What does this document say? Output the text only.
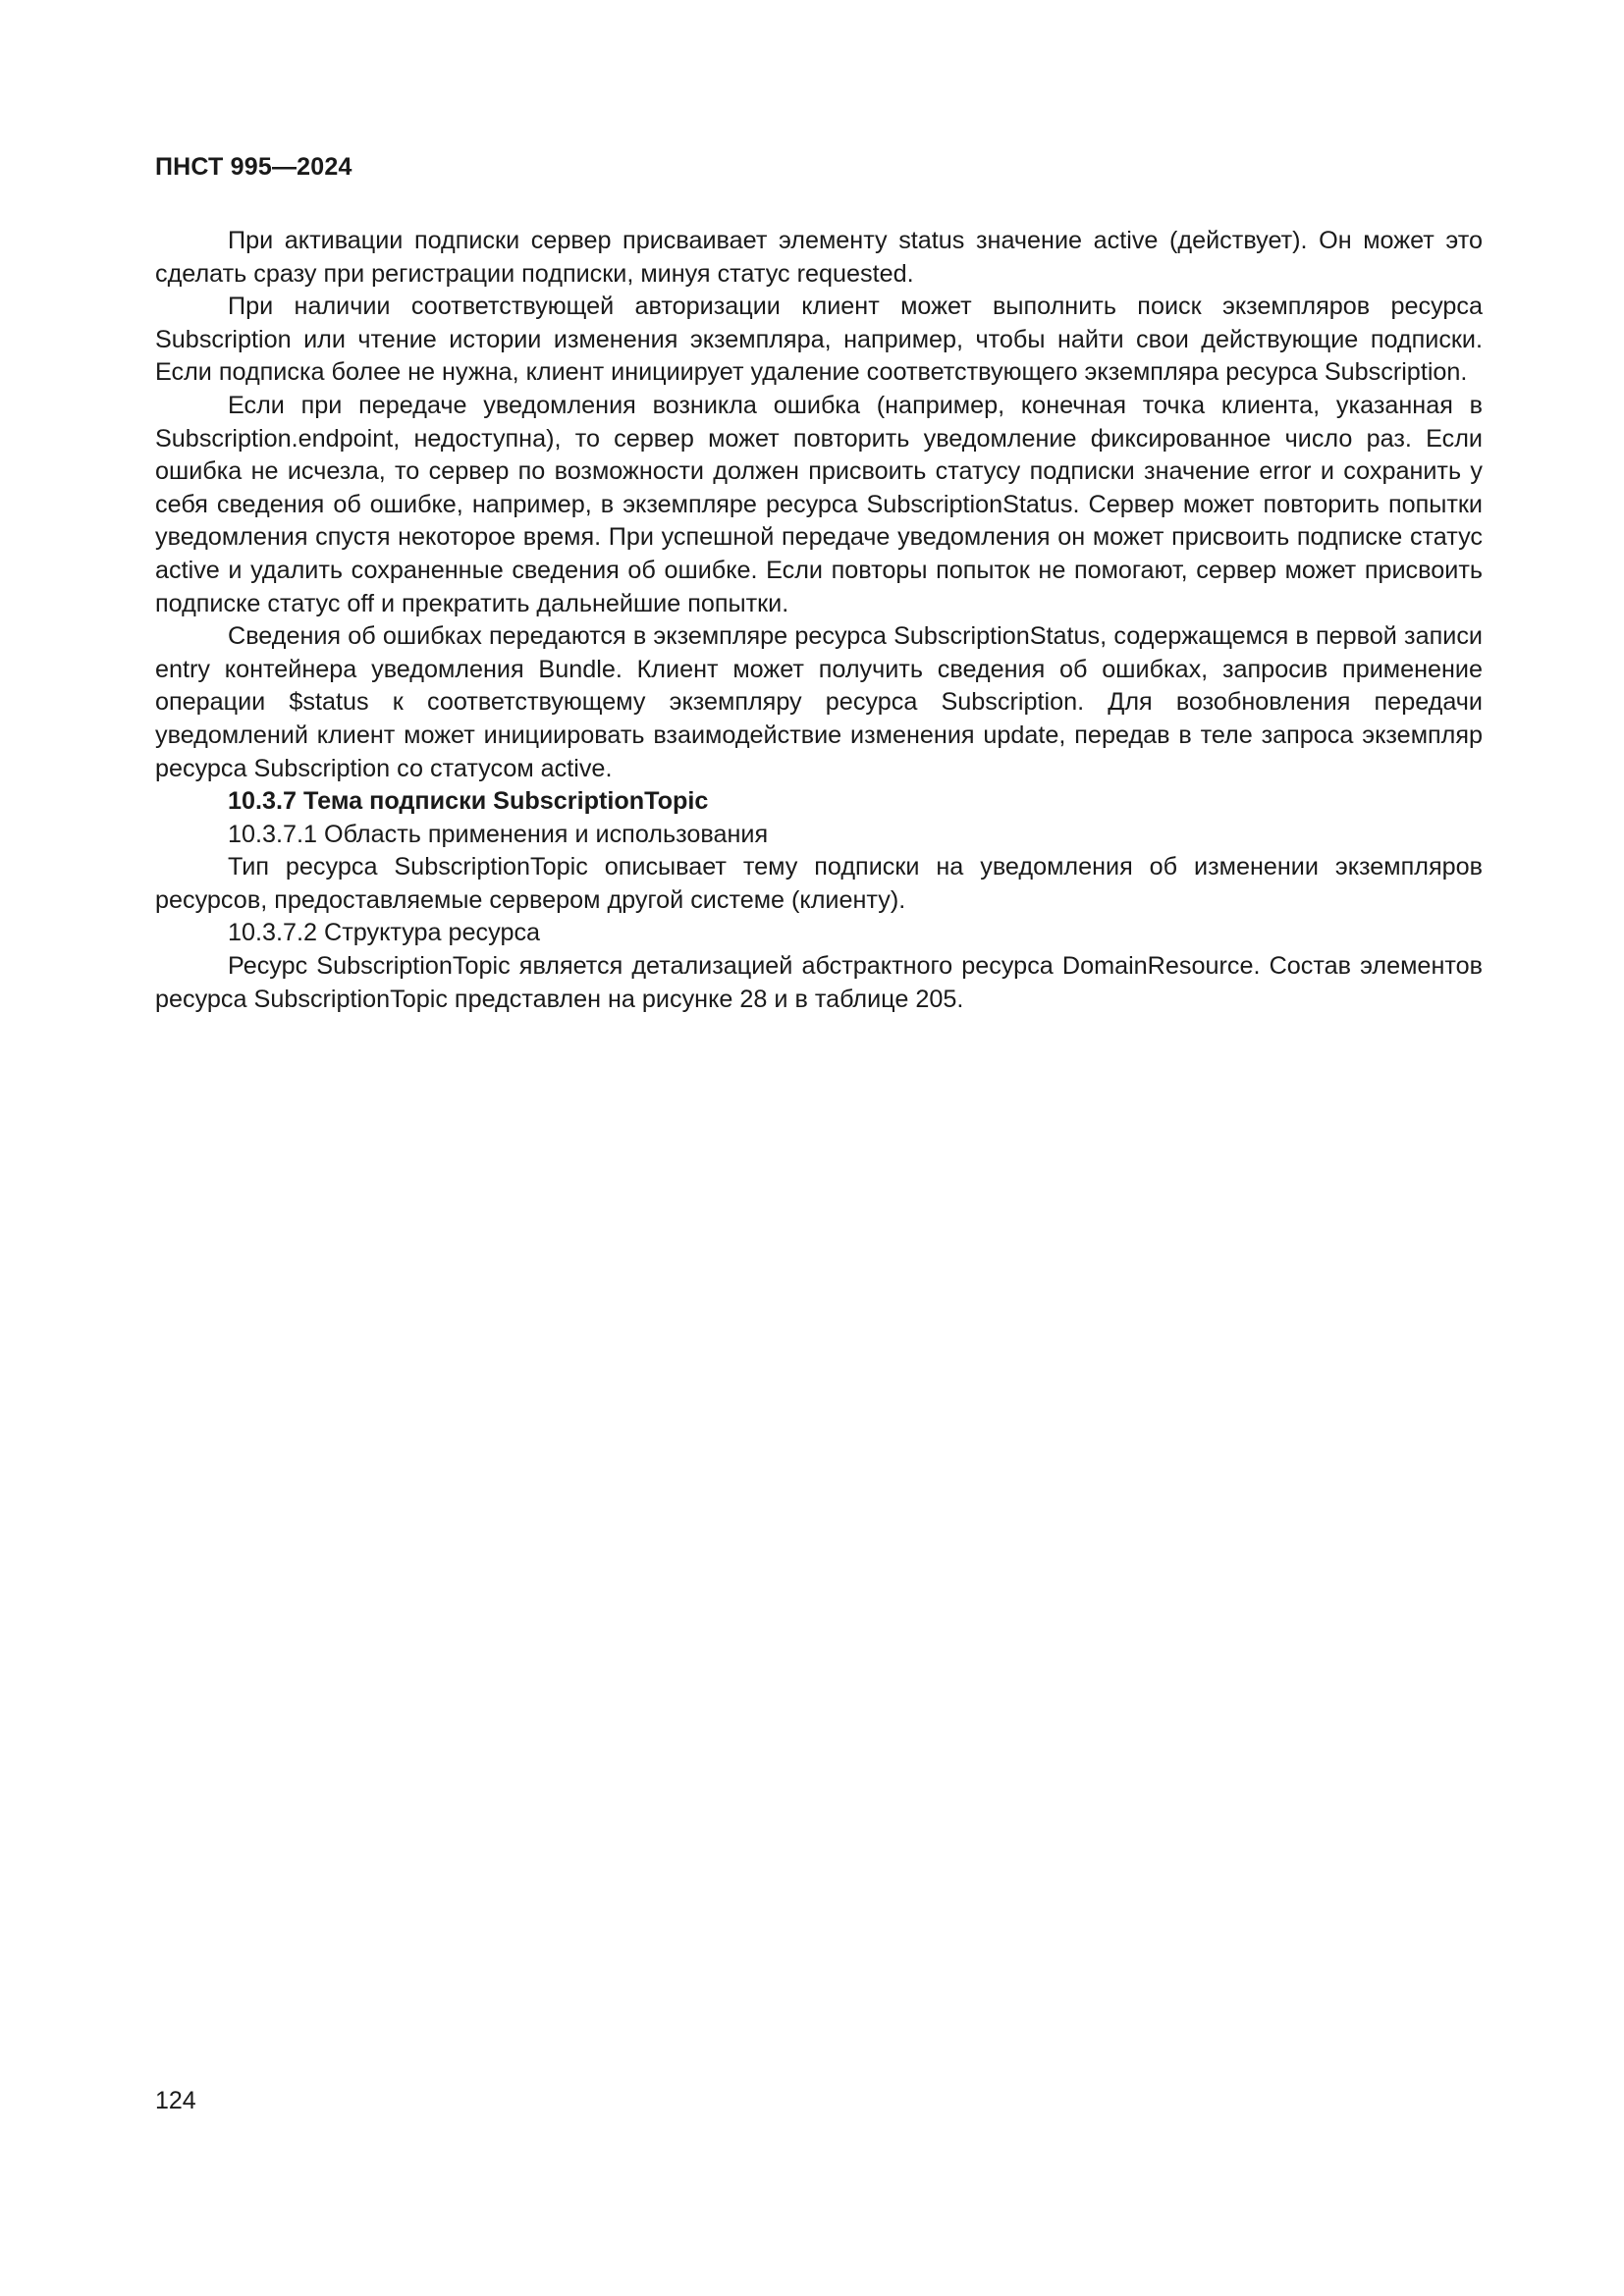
ПНСТ 995—2024

При активации подписки сервер присваивает элементу status значение active (действует). Он может это сделать сразу при регистрации подписки, минуя статус requested.

При наличии соответствующей авторизации клиент может выполнить поиск экземпляров ресурса Subscription или чтение истории изменения экземпляра, например, чтобы найти свои действующие подписки. Если подписка более не нужна, клиент инициирует удаление соответствующего экземпляра ресурса Subscription.

Если при передаче уведомления возникла ошибка (например, конечная точка клиента, указанная в Subscription.endpoint, недоступна), то сервер может повторить уведомление фиксированное число раз. Если ошибка не исчезла, то сервер по возможности должен присвоить статусу подписки значение error и сохранить у себя сведения об ошибке, например, в экземпляре ресурса SubscriptionStatus. Сервер может повторить попытки уведомления спустя некоторое время. При успешной передаче уведомления он может присвоить подписке статус active и удалить сохраненные сведения об ошибке. Если повторы попыток не помогают, сервер может присвоить подписке статус off и прекратить дальнейшие попытки.

Сведения об ошибках передаются в экземпляре ресурса SubscriptionStatus, содержащемся в первой записи entry контейнера уведомления Bundle. Клиент может получить сведения об ошибках, запросив применение операции $status к соответствующему экземпляру ресурса Subscription. Для возобновления передачи уведомлений клиент может инициировать взаимодействие изменения update, передав в теле запроса экземпляр ресурса Subscription со статусом active.

10.3.7 Тема подписки SubscriptionTopic

10.3.7.1 Область применения и использования

Тип ресурса SubscriptionTopic описывает тему подписки на уведомления об изменении экземпляров ресурсов, предоставляемые сервером другой системе (клиенту).

10.3.7.2 Структура ресурса

Ресурс SubscriptionTopic является детализацией абстрактного ресурса DomainResource. Состав элементов ресурса SubscriptionTopic представлен на рисунке 28 и в таблице 205.

124
